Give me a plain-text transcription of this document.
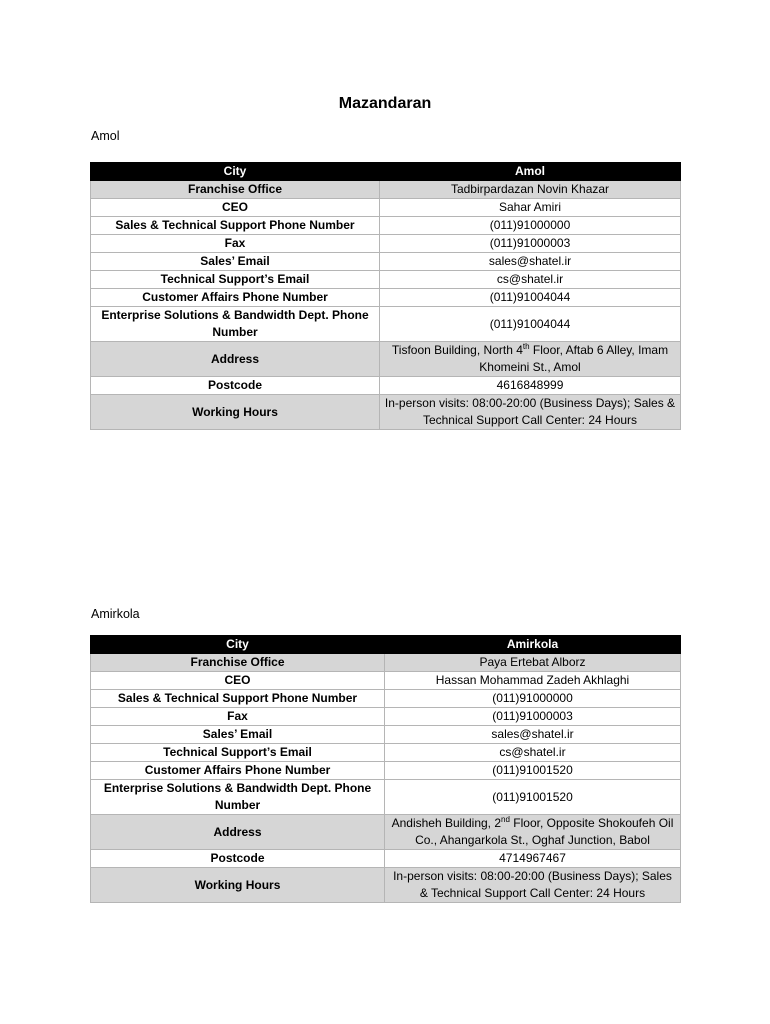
Mazandaran
Amol
City	Amol
Franchise Office	Tadbirpardazan Novin Khazar
CEO	Sahar Amiri
Sales & Technical Support Phone Number	(011)91000000
Fax	(011)91000003
Sales’ Email	sales@shatel.ir
Technical Support’s Email	cs@shatel.ir
Customer Affairs Phone Number	(011)91004044
Enterprise Solutions & Bandwidth Dept. Phone Number	(011)91004044
Address	Tisfoon Building, North 4th Floor, Aftab 6 Alley, Imam Khomeini St., Amol
Postcode	4616848999
Working Hours	In-person visits: 08:00-20:00 (Business Days); Sales & Technical Support Call Center: 24 Hours
Amirkola
City	Amirkola
Franchise Office	Paya Ertebat Alborz
CEO	Hassan Mohammad Zadeh Akhlaghi
Sales & Technical Support Phone Number	(011)91000000
Fax	(011)91000003
Sales’ Email	sales@shatel.ir
Technical Support’s Email	cs@shatel.ir
Customer Affairs Phone Number	(011)91001520
Enterprise Solutions & Bandwidth Dept. Phone Number	(011)91001520
Address	Andisheh Building, 2nd Floor, Opposite Shokoufeh Oil Co., Ahangarkola St., Oghaf Junction, Babol
Postcode	4714967467
Working Hours	In-person visits: 08:00-20:00 (Business Days); Sales & Technical Support Call Center: 24 Hours
